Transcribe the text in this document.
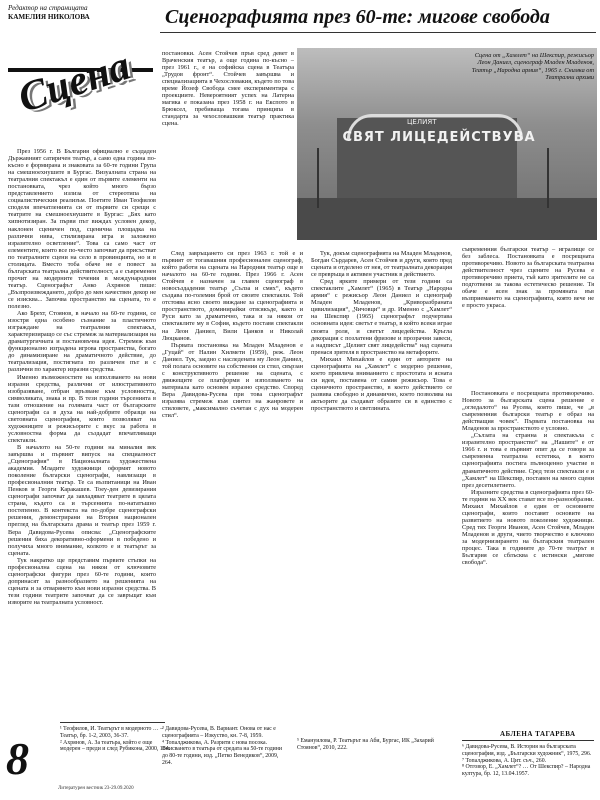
Редактор на страницата
КАМЕЛИЯ НИКОЛОВА	Сценографията през 60-те: мигове свобода
Сцена

През 1956 г. В България официално е създаден Държавният сатиричен театър, а само една година по-късно е формирана и знаковата за 60-те години Група на смешноехнушите в Бургас. Визуалната страна на театралния спектакъл е един от първите елементи на постановката, чрез който много бързо представлението излиза от стереотипа на социалистическия реализъм. Поетите Иван Теофилов споделя впечатленията си от първите си срещи с театрите на смешноехнушите в Бургас: „Бях като хипнотизиран. За първи път виждах условен декор, наклонен сценичен под, сценична площадка на различни нива, стилизирана игра и заложено изразително осветление“. Това са само част от елементите, които все по-често започват да присъстват по театралните сцени на село в провинцията, но и в столицата. Вместо тоба обаче не е повест за българската театрална действителност, а е съвременен прочит на модерните течения в международния театър. Сценографът Анко Ахрянов пише: „Възпроизвеждането, добро до мен качествен декор не се изисква... Започва пространство на сцената, то е полезно.

Ако Брехт, Стоянов, в начало на 60-те години, се изостря една особено съзнание за пластичното изграждане на театралния спектакъл, характеризиращо се със стремеж за материализация на драматургичната и постановъчна идея. Стремеж към функционално изградена игрова пространства, богато до динамизиране на драматичното действие, до театрализация, постигната по различен път и с различни по характер изразни средства.

Именно възможностите на използването на нови изразни средства, различни от илюстративното изобразяване, отбран връзване към условността, символиката, знака и пр. В тези години търсенията в тази отношение на голямата част от българските сценографи са в духа на най-добрите образци на световната сценография, които позволяват на художниците и режисьорите с вкус за работа в условностна форма да създадат впечатляващи спектакли.

В началото на 50-те години на миналия век завършва и първият випуск на специалност „Сценография“ в Националната художествена академия. Младите художници оформят новото поколение български сценографи, навлизащи в професионалния театър. Те са възпитаници на Иван Пенков и Георги Каракашев. Тоеу-ден девизирания сценографи започват да завладяват театрите в цялата страна, където са и търсенията по-нататъшно постепенно. В контекста на по-добре сценографски решения, демонстрирани на Втория национален преглед на българската драма и театър през 1959 г. Вера Давидова-Русева описва: „Сценографските решения бяха декоративно-оформени в победено и получиха много внимание, колкото е и театърът за сцената.

Тук накратко ще представим първите стъпки на професионална сцена на някои от ключовите сценографски фигури през 60-те години, които допринасят за разнообразието на решенията на сцената и за отварянето към нови изразни средства. В тези години театрите започват да се завръщат към изворите на театралната условност.

постановки. Асен Стойчев пръв сред девет в Враченския театър, а още година по-късно – през 1961 г., е на софийска сцена в Театъра „Трудов фронт“. Стойчев завършва и специализацията в Чехословакия, където по това време Йозеф Свобода смее експериментира с проекциите. Невероятният успех на Латерна магика е показана през 1958 г. на Експото в Брюксел, пребиваща тогава принципа в стандарта за чехословашкия театър практика сцена.	ЦЕЛИЯТ
СВЯТ ЛИЦЕДЕЙСТВУВА
Сцена от „Хамлет“ на Шекспир, режисьор Леон Даниел, сценограф Младен Младенов, Театър „Народна армия“, 1965 г. Снимка от Театрални архиви

След завръщането си през 1963 г. той е и първият от тогавашния професионален сценограф, който работи на сцената на Народния театър още в началото на 60-те години. През 1966 г. Асен Стойчев е назначен за главен сценограф в новосъздадения театър „Сълза и смях“, където създава по-големия брой от своите спектакли. Той отстоява ясно своето виждане за сценографията и пространството, доминирайки отвсякъде, както и Руси като за драматично, така и за някои от спектаклите му в София, където поставя спектакли на Леон Даниел, Вили Цанков и Николай Люцканов.

Първата постановка на Младен Младенов е „Гуцай“ от Налин Хилмети (1959), реж. Леон Даниел. Тук, заедно с наследената му Леон Даниел, той полага основите на собствения си стил, свързан с конструктивното решение на сцената, с движещите се платформи и използването на материала като основен изразно средство. Според Вера Давидова-Русева при това сценографът изразява стремеж към синтез на жанровете и стиловете, „максимално съчетан с дух на модерен стил“.

Тук, докъм сценографията на Младен Младенов, Богдан Сърдарев, Асен Стойчев и други, която пред сцената и отделено от нея, от театралната декорация се превръща в активен участник в действието.

Сред ярките примери от тези години са спектаклите „Хамлет“ (1965) в Театър „Народна армия“ с режисьор Леон Даниел и сценограф Младен Младенов, „Криворазбраната цивилизация“, „Чичовци“ и др. Именно с „Хамлет“ на Шекспир (1965) сценографът подчертава основната идея: светът е театър, в който всеки играе своята роля, и светът лицедейства. Кръгла декорация с позлатени фризове и прозрачни завеси, а надписът „Целият свят лицедейства“ над сцената пренася зрителя в пространство на метафорите.

Михаил Михайлов е един от авторите на сценографията на „Хамлет“ с модерно решение, което привлича вниманието с простотата и ясната си идея, поставена от самия режисьор. Това е сценичното пространство, в което действието се развива свободно и динамично, което позволява на актьорите да създават образите си в единство с пространството и светлината.

съвременния български театър – игралище се без заблеса. Постановката е посрещната противоречиво. Новото за българската театрална действителност чрез сцените на Русева е противоречиво приета, тъй като зрителите не са подготвени за такова естетическо решение. Тя обаче е ясен знак за промяната във възприемането на сценографията, която вече не е просто украса.

Постановката е посрещната противоречиво. Новото за българската сцена решение е „огледалото“ на Русева, която пише, че „в съвременния български театър е образ на действащия човек“. Първата постановка на Младенов за пространството е условно.

„Сълзата на странна и спектакъла с изразително пространство“ на „Нашите“ е от 1966 г. и това е първият опит да се говори за съвременна театрална естетика, в която сценографията постига пълноценно участие в драматичното действие. Сред тези спектакли е и „Хамлет“ на Шекспир, поставен на много сцени през десетилетието.

Изразните средства в сценографията през 60-те години на XX век стават все по-разнообразни. Михаил Михайлов е един от основните сценографи, които поставят основите на развитието на новото поколение художници. Сред тях Георги Иванов, Асен Стойчев, Младен Младенов и други, чието творчество е ключово за модернизирането на българския театрален процес. Така в годините до 70-те театрът в България се сблъсква с истински „мигове свобода“.

АБЛЕНА ТАГАРЕВА

¹ Теофилов, И. Театърът в модерното … – Театър, бр. 1-2, 2003, 36-37.

² Ахрянов, А. За театъра, който е още модерен – преди и след Рубикона, 2000, 104.

³ Давидова-Русева, В. Вариант. Онова от нас е сценографията – Изкуство, кн. 7-8, 1959.

⁴ Топалджикова, А. Разрити с нова посока. Вписването в театъра от средата на 50-те години до 80-те години, изд. „Петко Венедиков“, 2009, 264.

⁵ Емануилова, Р. Театърът на Аби, Бургас, ИК „Захарий Стоянов“, 2010, 222.	⁶ Давидова-Русева, В. История на българската сценография, изд. „Български художник“, 1975, 296.

⁷ Топалджикова, А. Цит. съч., 260.

⁸ Отговор, Е. „Хамлет“? … От Шекспир? – Народна култура, бр. 12, 13.04.1957.

8
Литературен вестник 23-29.09.2020
